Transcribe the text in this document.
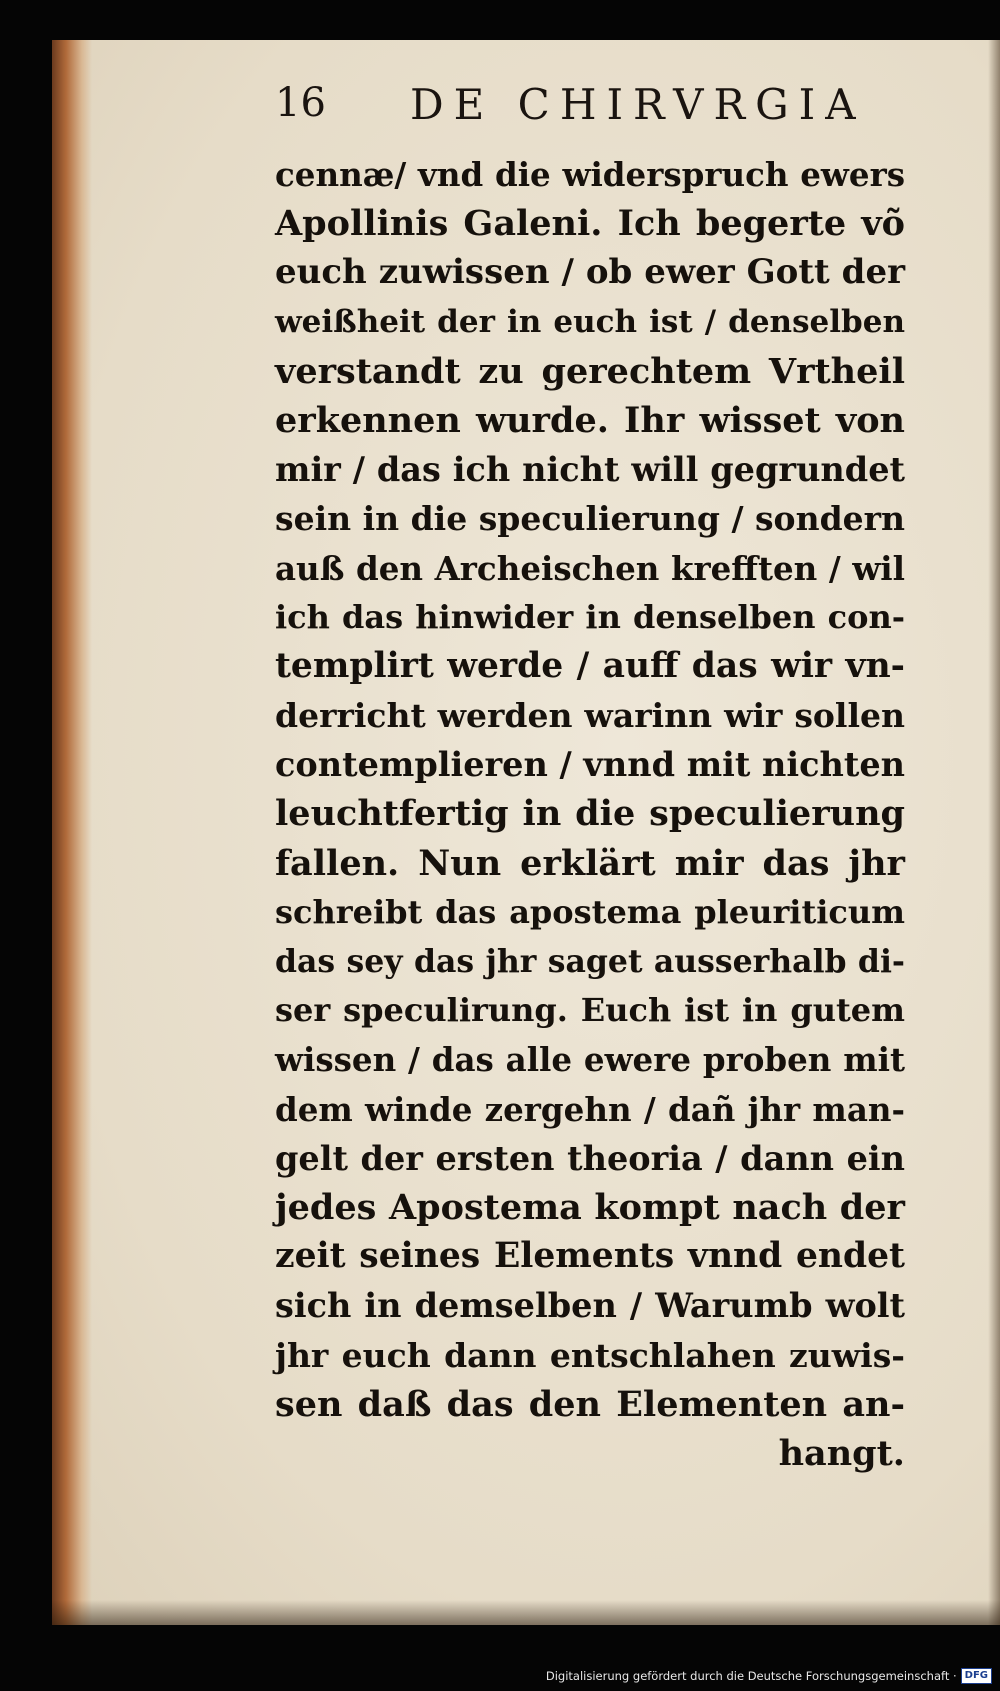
16 DE CHIRVRGIA
cennæ/ vnd die widerspruch ewers
Apollinis Galeni. Ich begerte võ
euch zuwissen / ob ewer Gott der
weißheit der in euch ist / denselben
verstandt zu gerechtem Vrtheil
erkennen wurde. Ihr wisset von
mir / das ich nicht will gegrundet
sein in die speculierung / sondern
auß den Archeischen krefften / wil
ich das hinwider in denselben con-
templirt werde / auff das wir vn-
derricht werden warinn wir sollen
contemplieren / vnnd mit nichten
leuchtfertig in die speculierung
fallen. Nun erklärt mir das jhr
schreibt das apostema pleuriticum
das sey das jhr saget ausserhalb di-
ser speculirung. Euch ist in gutem
wissen / das alle ewere proben mit
dem winde zergehn / dañ jhr man-
gelt der ersten theoria / dann ein
jedes Apostema kompt nach der
zeit seines Elements vnnd endet
sich in demselben / Warumb wolt
jhr euch dann entschlahen zuwis-
sen daß das den Elementen an-
hangt.
Digitalisierung gefördert durch die Deutsche Forschungsgemeinschaft · DFG
